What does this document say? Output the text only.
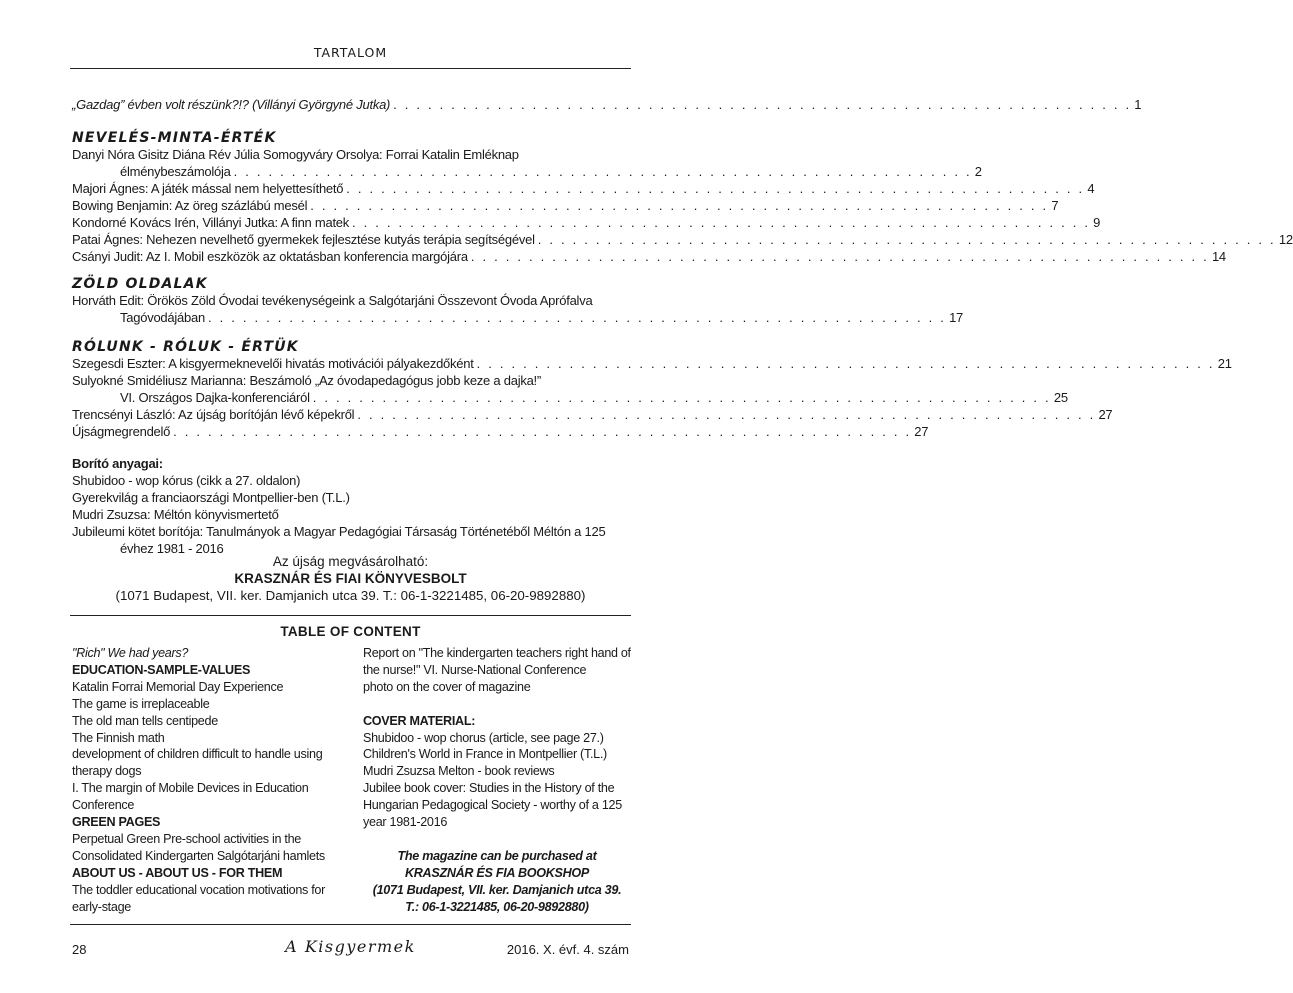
TARTALOM
„Gazdag” évben volt részünk?!? (Villányi Györgyné Jutka) . . . . . . . . . . . . . . . . . . . . . . . . . . . . . . . . . . . . . . . . . . . . . . . . . . . . . . . . . . . . . . . . 1
NEVELÉS-MINTA-ÉRTÉK
Danyi Nóra Gisitz Diána Rév Júlia Somogyváry Orsolya: Forrai Katalin Emléknap
élménybeszámolója . . . . . . . . . . . . . . . . . . . . . . . . . . . . . . . . . . . . . . . . . . . . . . . . . . . . . . . . . . . . . . . . 2
Majori Ágnes: A játék mással nem helyettesíthető . . . . . . . . . . . . . . . . . . . . . . . . . . . . . . . . . . . . . . . . . . . . . . . . . . . . . . . . . . . . . . . . 4
Bowing Benjamin: Az öreg százlábú mesél . . . . . . . . . . . . . . . . . . . . . . . . . . . . . . . . . . . . . . . . . . . . . . . . . . . . . . . . . . . . . . . . 7
Kondorné Kovács Irén, Villányi Jutka: A finn matek . . . . . . . . . . . . . . . . . . . . . . . . . . . . . . . . . . . . . . . . . . . . . . . . . . . . . . . . . . . . . . . . 9
Patai Ágnes: Nehezen nevelhető gyermekek fejlesztése kutyás terápia segítségével . . . . . . . . . . . . . . . . . . . . . . . . . . . . . . . . . . . . . . . . . . . . . . . . . . . . . . . . . . . . . . . . 12
Csányi Judit: Az I. Mobil eszközök az oktatásban konferencia margójára . . . . . . . . . . . . . . . . . . . . . . . . . . . . . . . . . . . . . . . . . . . . . . . . . . . . . . . . . . . . . . . . 14
ZÖLD OLDALAK
Horváth Edit: Örökös Zöld Óvodai tevékenységeink a Salgótarjáni Összevont Óvoda Aprófalva
Tagóvodájában . . . . . . . . . . . . . . . . . . . . . . . . . . . . . . . . . . . . . . . . . . . . . . . . . . . . . . . . . . . . . . . . 17
RÓLUNK - RÓLUK - ÉRTÜK
Szegesdi Eszter: A kisgyermeknevelői hivatás motivációi pályakezdőként . . . . . . . . . . . . . . . . . . . . . . . . . . . . . . . . . . . . . . . . . . . . . . . . . . . . . . . . . . . . . . . . 21
Sulyokné Smidéliusz Marianna: Beszámoló „Az óvodapedagógus jobb keze a dajka!”
VI. Országos Dajka-konferenciáról . . . . . . . . . . . . . . . . . . . . . . . . . . . . . . . . . . . . . . . . . . . . . . . . . . . . . . . . . . . . . . . . 25
Trencsényi László: Az újság borítóján lévő képekről . . . . . . . . . . . . . . . . . . . . . . . . . . . . . . . . . . . . . . . . . . . . . . . . . . . . . . . . . . . . . . . . 27
Újságmegrendelő . . . . . . . . . . . . . . . . . . . . . . . . . . . . . . . . . . . . . . . . . . . . . . . . . . . . . . . . . . . . . . . . 27
Borító anyagai:
Shubidoo - wop kórus (cikk a 27. oldalon)
Gyerekvilág a franciaországi Montpellier-ben (T.L.)
Mudri Zsuzsa: Méltón könyvismertető
Jubileumi kötet borítója: Tanulmányok a Magyar Pedagógiai Társaság Történetéből Méltón a 125
évhez 1981 - 2016
Az újság megvásárolható:
KRASZNÁR ÉS FIAI KÖNYVESBOLT
(1071 Budapest, VII. ker. Damjanich utca 39. T.: 06-1-3221485, 06-20-9892880)
TABLE OF CONTENT
"Rich" We had years?
EDUCATION-SAMPLE-VALUES
Katalin Forrai Memorial Day Experience
The game is irreplaceable
The old man tells centipede
The Finnish math
development of children difficult to handle using
therapy dogs
I. The margin of Mobile Devices in Education
Conference
GREEN PAGES
Perpetual Green Pre-school activities in the
Consolidated Kindergarten Salgótarjáni hamlets
ABOUT US - ABOUT US - FOR THEM
The toddler educational vocation motivations for
early-stage
Report on "The kindergarten teachers right hand of
the nurse!" VI. Nurse-National Conference
photo on the cover of magazine
COVER MATERIAL:
Shubidoo - wop chorus (article, see page 27.)
Children's World in France in Montpellier (T.L.)
Mudri Zsuzsa Melton - book reviews
Jubilee book cover: Studies in the History of the
Hungarian Pedagogical Society - worthy of a 125
year 1981-2016
The magazine can be purchased at
KRASZNÁR ÉS FIA BOOKSHOP
(1071 Budapest, VII. ker. Damjanich utca 39.
T.: 06-1-3221485, 06-20-9892880)
28	A Kisgyermek	2016. X. évf. 4. szám
